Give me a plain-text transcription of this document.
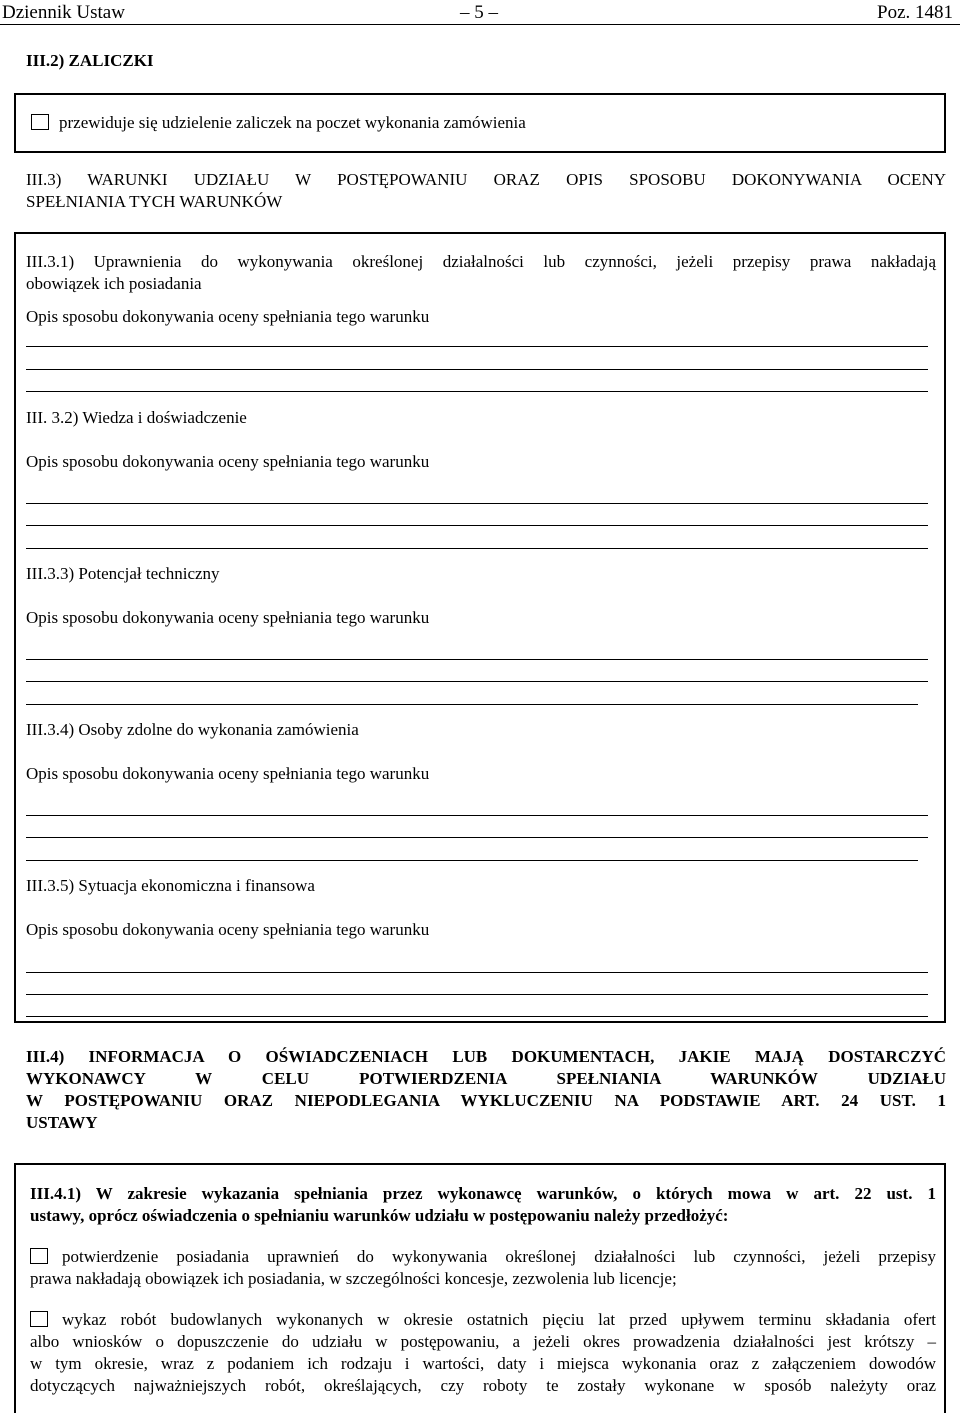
Dziennik Ustaw	– 5 –	Poz. 1481
III.2) ZALICZKI
przewiduje się udzielenie zaliczek na poczet wykonania zamówienia
III.3) WARUNKI UDZIAŁU W POSTĘPOWANIU ORAZ OPIS SPOSOBU DOKONYWANIA OCENY
SPEŁNIANIA TYCH WARUNKÓW
III.3.1) Uprawnienia do wykonywania określonej działalności lub czynności, jeżeli przepisy prawa nakładają
obowiązek ich posiadania
Opis sposobu dokonywania oceny spełniania tego warunku
III. 3.2) Wiedza i doświadczenie
Opis sposobu dokonywania oceny spełniania tego warunku
III.3.3) Potencjał techniczny
Opis sposobu dokonywania oceny spełniania tego warunku
III.3.4) Osoby zdolne do wykonania zamówienia
Opis sposobu dokonywania oceny spełniania tego warunku
III.3.5) Sytuacja ekonomiczna i finansowa
Opis sposobu dokonywania oceny spełniania tego warunku
III.4) INFORMACJA O OŚWIADCZENIACH LUB DOKUMENTACH, JAKIE MAJĄ DOSTARCZYĆ
WYKONAWCY W CELU POTWIERDZENIA SPEŁNIANIA WARUNKÓW UDZIAŁU
W POSTĘPOWANIU ORAZ NIEPODLEGANIA WYKLUCZENIU NA PODSTAWIE ART. 24 UST. 1
USTAWY
III.4.1) W zakresie wykazania spełniania przez wykonawcę warunków, o których mowa w art. 22 ust. 1
ustawy, oprócz oświadczenia o spełnianiu warunków udziału w postępowaniu należy przedłożyć:
potwierdzenie posiadania uprawnień do wykonywania określonej działalności lub czynności, jeżeli przepisy
prawa nakładają obowiązek ich posiadania, w szczególności koncesje, zezwolenia lub licencje;
wykaz robót budowlanych wykonanych w okresie ostatnich pięciu lat przed upływem terminu składania ofert
albo wniosków o dopuszczenie do udziału w postępowaniu, a jeżeli okres prowadzenia działalności jest krótszy –
w tym okresie, wraz z podaniem ich rodzaju i wartości, daty i miejsca wykonania oraz z załączeniem dowodów
dotyczących najważniejszych robót, określających, czy roboty te zostały wykonane w sposób należyty oraz
